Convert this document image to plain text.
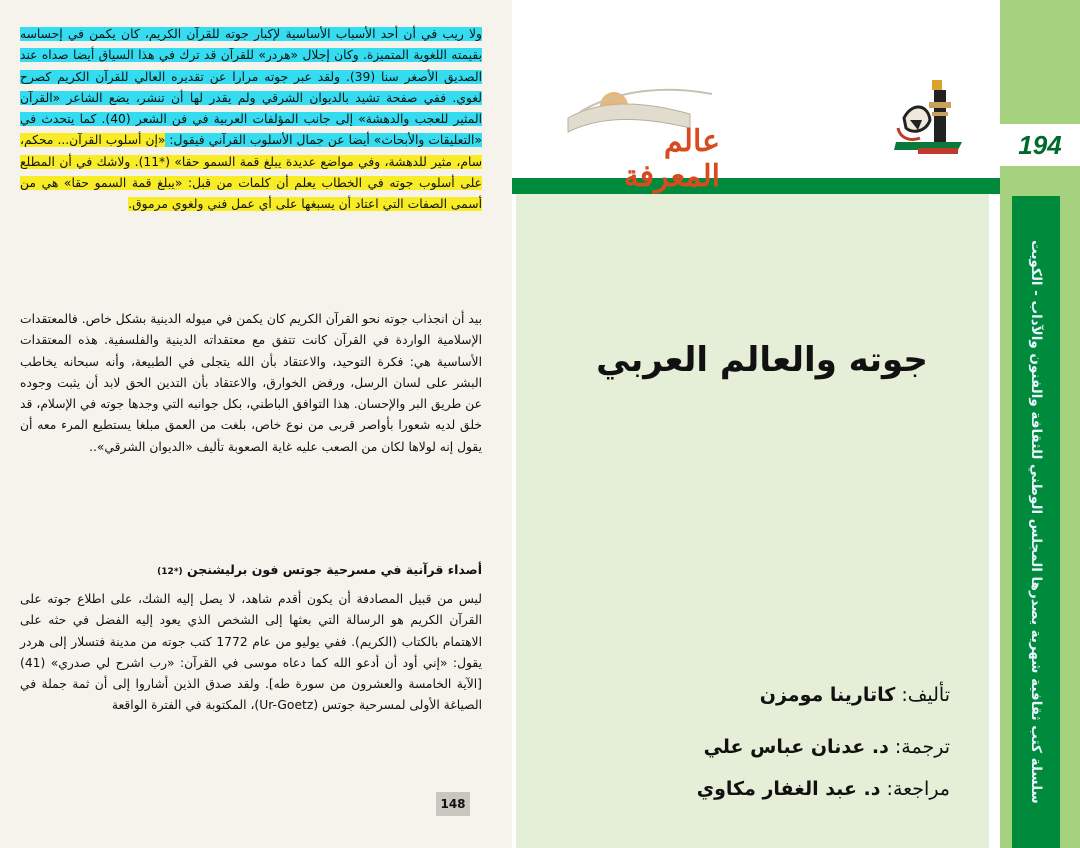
ولا ريب في أن أحد الأسباب الأساسية لإكبار جوته للقرآن الكريم، كان يكمن في إحساسه بقيمته اللغوية المتميزة. وكان إجلال «هردر» للقرآن قد ترك في هذا السياق أيضا صداه عند الصديق الأصغر سنا (39). ولقد عبر جوته مرارا عن تقديره العالي للقرآن الكريم كصرح لغوي. ففي صفحة تشيد بالديوان الشرقي ولم يقدر لها أن تنشر، يضع الشاعر «القرآن المثير للعجب والدهشة» إلى جانب المؤلفات العربية في فن الشعر (40). كما يتحدث في «التعليقات والأبحاث» أيضا عن جمال الأسلوب القرآني فيقول: «إن أسلوب القرآن... محكم، سام، مثير للدهشة، وفي مواضع عديدة يبلغ قمة السمو حقا» (*11). ولاشك في أن المطلع على أسلوب جوته في الخطاب يعلم أن كلمات من قبل: «يبلغ قمة السمو حقا» هي من أسمى الصفات التي اعتاد أن يسبغها على أي عمل فني ولغوي مرموق.
بيد أن انجذاب جوته نحو القرآن الكريم كان يكمن في ميوله الدينية بشكل خاص. فالمعتقدات الإسلامية الواردة في القرآن كانت تتفق مع معتقداته الدينية والفلسفية. هذه المعتقدات الأساسية هي: فكرة التوحيد، والاعتقاد بأن الله يتجلى في الطبيعة، وأنه سبحانه يخاطب البشر على لسان الرسل، ورفض الخوارق، والاعتقاد بأن التدين الحق لابد أن يثبت وجوده عن طريق البر والإحسان. هذا التوافق الباطني، بكل جوانبه التي وجدها جوته في الإسلام، قد خلق لديه شعورا بأواصر قربى من نوع خاص، بلغت من العمق مبلغا يستطيع المرء معه أن يقول إنه لولاها لكان من الصعب عليه غاية الصعوبة تأليف «الديوان الشرقي»..
أصداء قرآنية في مسرحية جوتس فون برليشنجن (*12)
ليس من قبيل المصادفة أن يكون أقدم شاهد، لا يصل إليه الشك، على اطلاع جوته على القرآن الكريم هو الرسالة التي بعثها إلى الشخص الذي يعود إليه الفضل في حثه على الاهتمام بالكتاب (الكريم). ففي يوليو من عام 1772 كتب جوته من مدينة فتسلار إلى هردر يقول: «إني أود أن أدعو الله كما دعاه موسى في القرآن: «رب اشرح لي صدري» (41) [الآية الخامسة والعشرون من سورة طه]. ولقد صدق الذين أشاروا إلى أن ثمة جملة في الصياغة الأولى لمسرحية جوتس (Ur-Goetz)، المكتوبة في الفترة الواقعة
148
194
سلسلة كتب ثقافية شهرية يصدرها المجلس الوطني للثقافة والفنون والآداب - الكويت
عالم المعرفة
جوته والعالم العربي
تأليف: كاتارينا مومزن
ترجمة: د. عدنان عباس علي
مراجعة: د. عبد الغفار مكاوي
